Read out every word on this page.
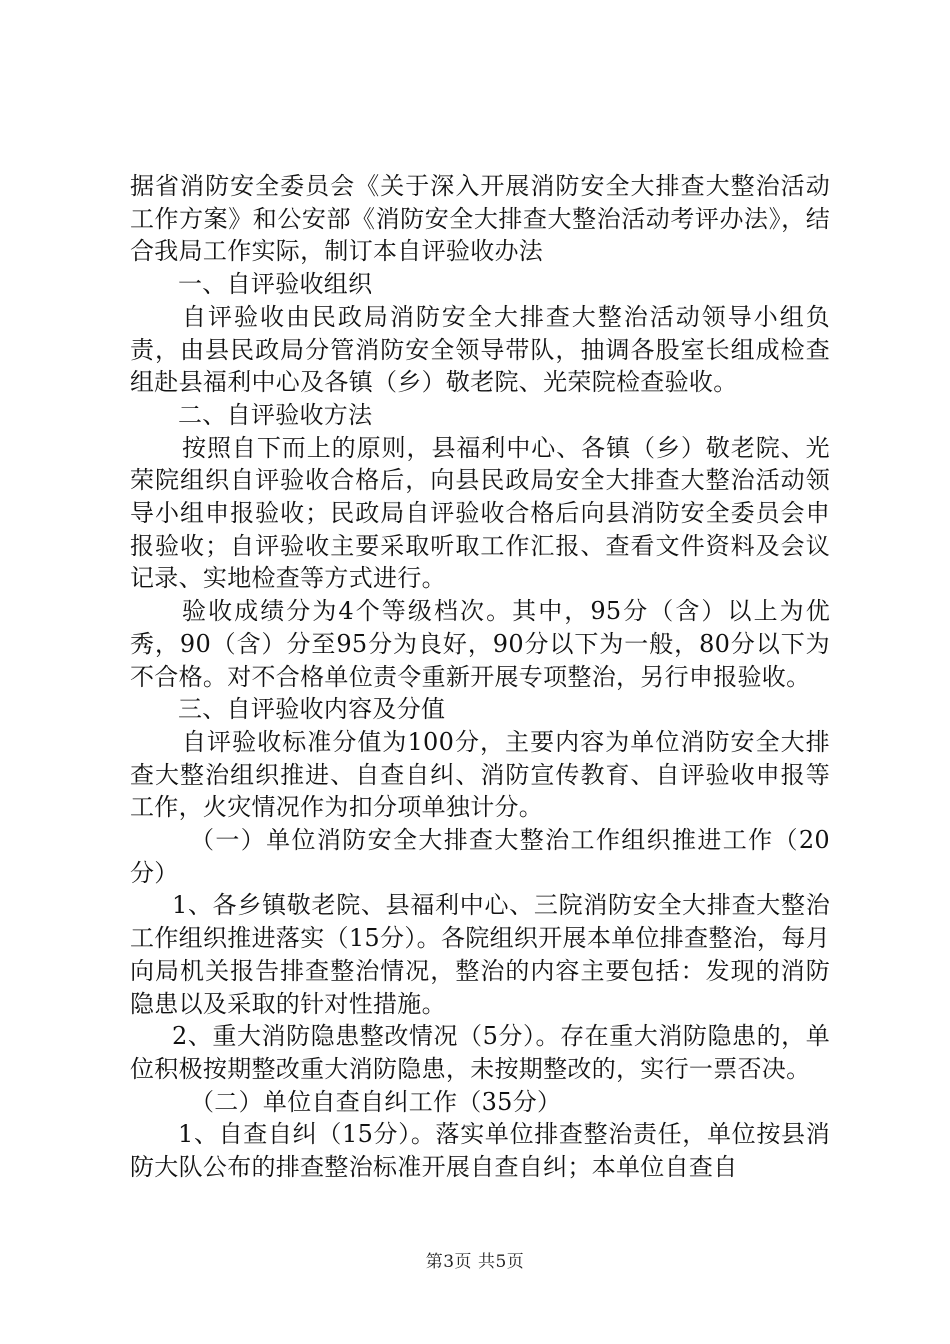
据省消防安全委员会《关于深入开展消防安全大排查大整治活动工作方案》和公安部《消防安全大排查大整治活动考评办法》，结合我局工作实际，制订本自评验收办法

一、自评验收组织

自评验收由民政局消防安全大排查大整治活动领导小组负责，由县民政局分管消防安全领导带队，抽调各股室长组成检查组赴县福利中心及各镇（乡）敬老院、光荣院检查验收。

二、自评验收方法

按照自下而上的原则，县福利中心、各镇（乡）敬老院、光荣院组织自评验收合格后，向县民政局安全大排查大整治活动领导小组申报验收；民政局自评验收合格后向县消防安全委员会申报验收；自评验收主要采取听取工作汇报、查看文件资料及会议记录、实地检查等方式进行。

验收成绩分为4个等级档次。其中，95分（含）以上为优秀，90（含）分至95分为良好，90分以下为一般，80分以下为不合格。对不合格单位责令重新开展专项整治，另行申报验收。

三、自评验收内容及分值

自评验收标准分值为100分，主要内容为单位消防安全大排查大整治组织推进、自查自纠、消防宣传教育、自评验收申报等工作，火灾情况作为扣分项单独计分。

（一）单位消防安全大排查大整治工作组织推进工作（20分）

1、各乡镇敬老院、县福利中心、三院消防安全大排查大整治工作组织推进落实（15分）。各院组织开展本单位排查整治，每月向局机关报告排查整治情况，整治的内容主要包括：发现的消防隐患以及采取的针对性措施。

2、重大消防隐患整改情况（5分）。存在重大消防隐患的，单位积极按期整改重大消防隐患，未按期整改的，实行一票否决。

（二）单位自查自纠工作（35分）

1、自查自纠（15分）。落实单位排查整治责任，单位按县消防大队公布的排查整治标准开展自查自纠；本单位自查自

第3页 共5页
